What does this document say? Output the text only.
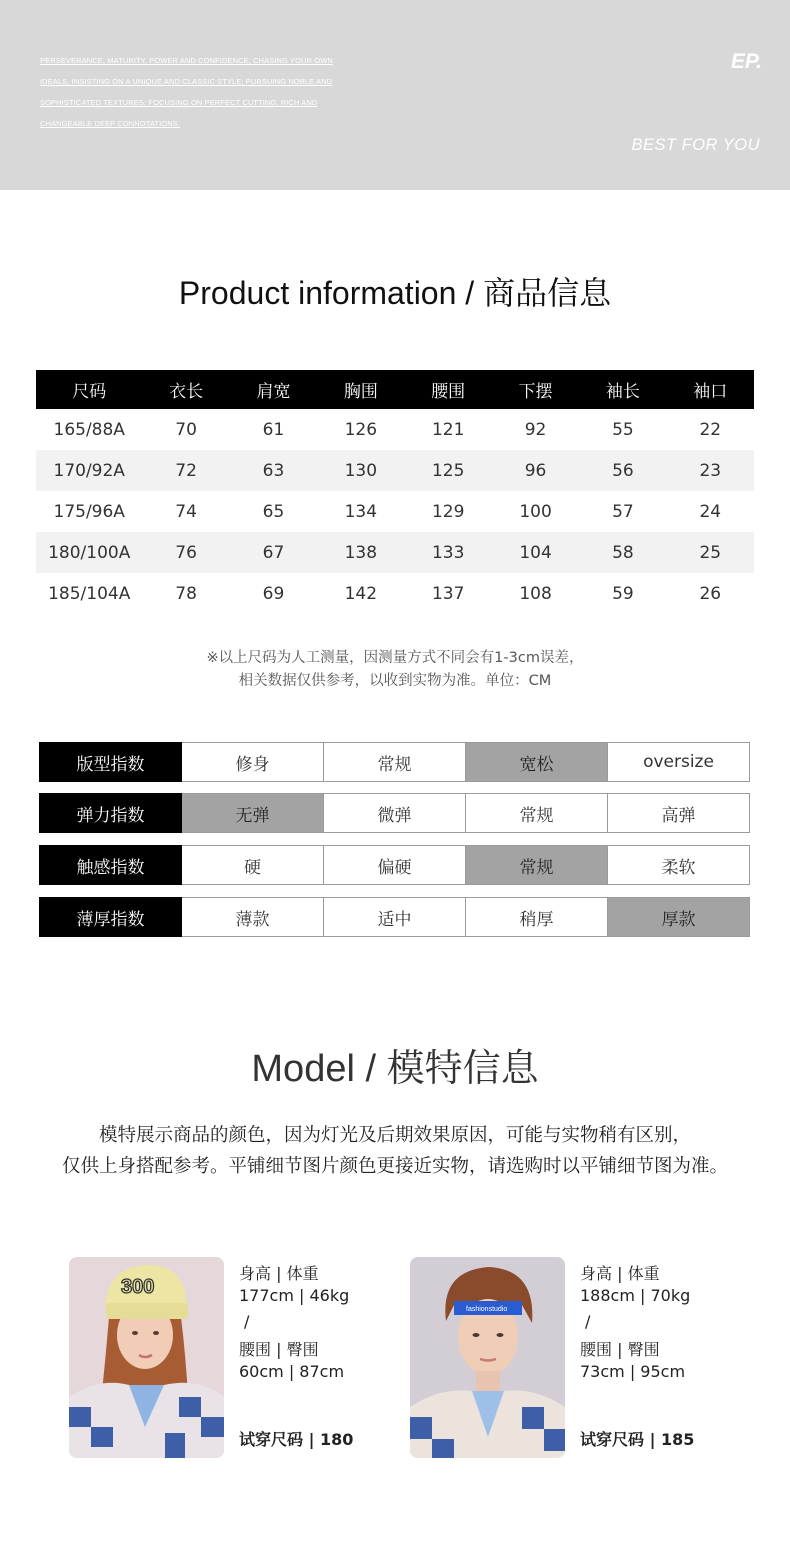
PERSEVERANCE, MATURITY, POWER AND CONFIDENCE; CHASING YOUR OWN
IDEALS, INSISTING ON A UNIQUE AND CLASSIC STYLE; PURSUING NOBLE AND
SOPHISTICATED TEXTURES; FOCUSING ON PERFECT CUTTING, RICH AND
CHANGEABLE DEEP CONNOTATIONS.
EP.
BEST FOR YOU
Product information / 商品信息
尺码	衣长	肩宽	胸围	腰围	下摆	袖长	袖口
165/88A	70	61	126	121	92	55	22
170/92A	72	63	130	125	96	56	23
175/96A	74	65	134	129	100	57	24
180/100A	76	67	138	133	104	58	25
185/104A	78	69	142	137	108	59	26
※以上尺码为人工测量，因测量方式不同会有1-3cm误差，
相关数据仅供参考，以收到实物为准。单位：CM
版型指数	修身	常规	宽松	oversize
弹力指数	无弹	微弹	常规	高弹
触感指数	硬	偏硬	常规	柔软
薄厚指数	薄款	适中	稍厚	厚款
Model / 模特信息
模特展示商品的颜色，因为灯光及后期效果原因，可能与实物稍有区别，
仅供上身搭配参考。平铺细节图片颜色更接近实物，请选购时以平铺细节图为准。
300
身高 | 体重
177cm | 46kg
/
腰围 | 臀围
60cm | 87cm
试穿尺码 | 180
fashionstudio
身高 | 体重
188cm | 70kg
/
腰围 | 臀围
73cm | 95cm
试穿尺码 | 185
